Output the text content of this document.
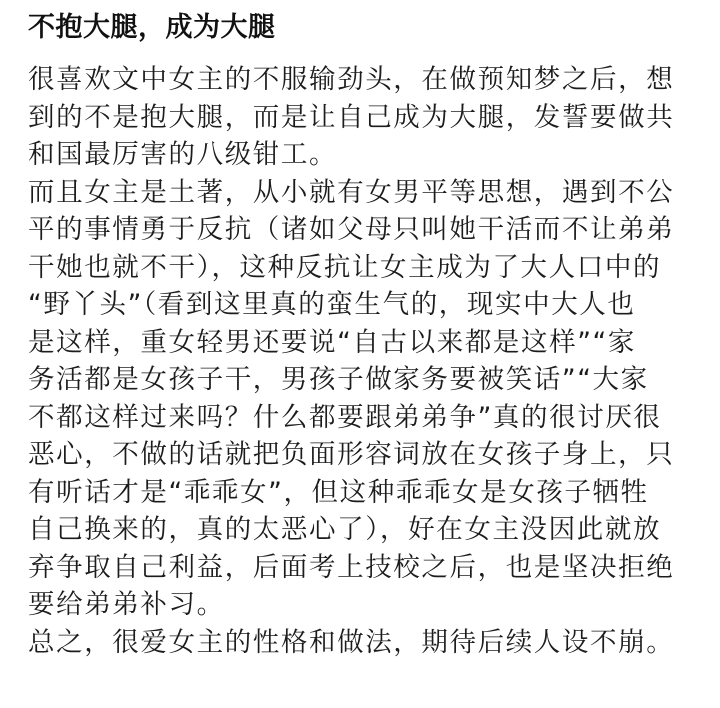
不抱大腿，成为大腿
很喜欢文中女主的不服输劲头，在做预知梦之后，想
到的不是抱大腿，而是让自己成为大腿，发誓要做共
和国最厉害的八级钳工。
而且女主是土著，从小就有女男平等思想，遇到不公
平的事情勇于反抗（诸如父母只叫她干活而不让弟弟
干她也就不干），这种反抗让女主成为了大人口中的
“野丫头”（看到这里真的蛮生气的，现实中大人也
是这样，重女轻男还要说“自古以来都是这样”“家
务活都是女孩子干，男孩子做家务要被笑话”“大家
不都这样过来吗？什么都要跟弟弟争”真的很讨厌很
恶心，不做的话就把负面形容词放在女孩子身上，只
有听话才是“乖乖女”，但这种乖乖女是女孩子牺牲
自己换来的，真的太恶心了），好在女主没因此就放
弃争取自己利益，后面考上技校之后，也是坚决拒绝
要给弟弟补习。
总之，很爱女主的性格和做法，期待后续人设不崩。
